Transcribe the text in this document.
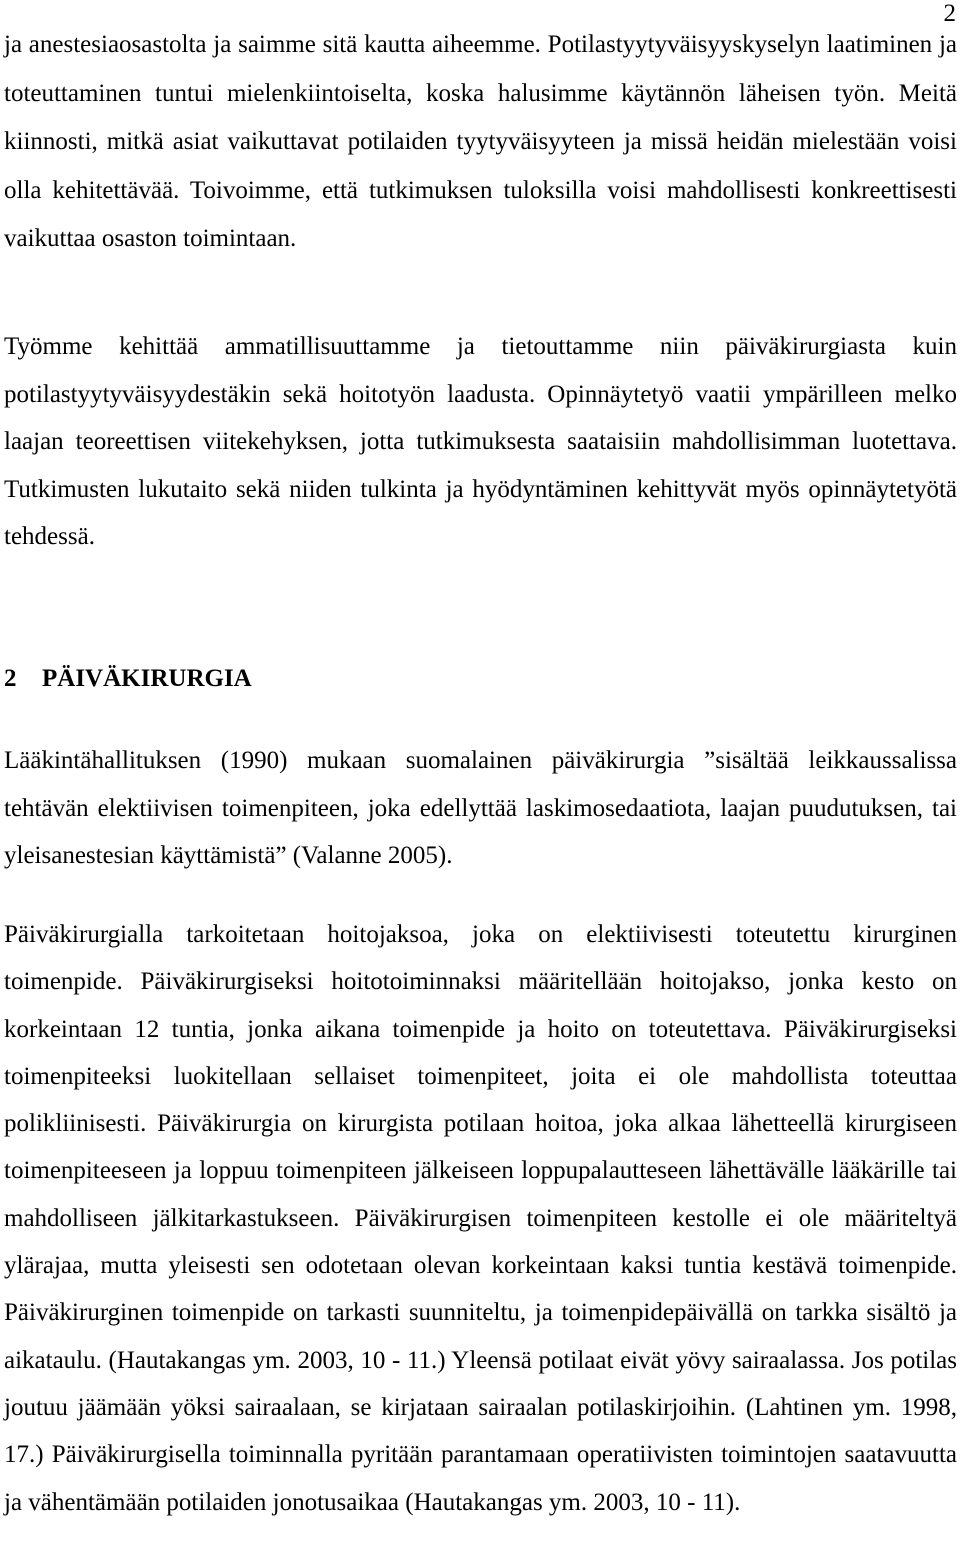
2

ja anestesiaosastolta ja saimme sitä kautta aiheemme. Potilastyytyväisyyskyselyn laatiminen ja toteuttaminen tuntui mielenkiintoiselta, koska halusimme käytännön läheisen työn. Meitä kiinnosti, mitkä asiat vaikuttavat potilaiden tyytyväisyyteen ja missä heidän mielestään voisi olla kehitettävää. Toivoimme, että tutkimuksen tuloksilla voisi mahdollisesti konkreettisesti vaikuttaa osaston toimintaan.

Työmme kehittää ammatillisuuttamme ja tietouttamme niin päiväkirurgiasta kuin potilastyytyväisyydestäkin sekä hoitotyön laadusta. Opinnäytetyö vaatii ympärilleen melko laajan teoreettisen viitekehyksen, jotta tutkimuksesta saataisiin mahdollisimman luotettava. Tutkimusten lukutaito sekä niiden tulkinta ja hyödyntäminen kehittyvät myös opinnäytetyötä tehdessä.

2 PÄIVÄKIRURGIA

Lääkintähallituksen (1990) mukaan suomalainen päiväkirurgia ”sisältää leikkaussalissa tehtävän elektiivisen toimenpiteen, joka edellyttää laskimosedaatiota, laajan puudutuksen, tai yleisanestesian käyttämistä” (Valanne 2005).

Päiväkirurgialla tarkoitetaan hoitojaksoa, joka on elektiivisesti toteutettu kirurginen toimenpide. Päiväkirurgiseksi hoitotoiminnaksi määritellään hoitojakso, jonka kesto on korkeintaan 12 tuntia, jonka aikana toimenpide ja hoito on toteutettava. Päiväkirurgiseksi toimenpiteeksi luokitellaan sellaiset toimenpiteet, joita ei ole mahdollista toteuttaa polikliinisesti. Päiväkirurgia on kirurgista potilaan hoitoa, joka alkaa lähetteellä kirurgiseen toimenpiteeseen ja loppuu toimenpiteen jälkeiseen loppupalautteseen lähettävälle lääkärille tai mahdolliseen jälkitarkastukseen. Päiväkirurgisen toimenpiteen kestolle ei ole määriteltyä ylärajaa, mutta yleisesti sen odotetaan olevan korkeintaan kaksi tuntia kestävä toimenpide. Päiväkirurginen toimenpide on tarkasti suunniteltu, ja toimenpidepäivällä on tarkka sisältö ja aikataulu. (Hautakangas ym. 2003, 10 - 11.) Yleensä potilaat eivät yövy sairaalassa. Jos potilas joutuu jäämään yöksi sairaalaan, se kirjataan sairaalan potilaskirjoihin. (Lahtinen ym. 1998, 17.) Päiväkirurgisella toiminnalla pyritään parantamaan operatiivisten toimintojen saatavuutta ja vähentämään potilaiden jonotusaikaa (Hautakangas ym. 2003, 10 - 11).
